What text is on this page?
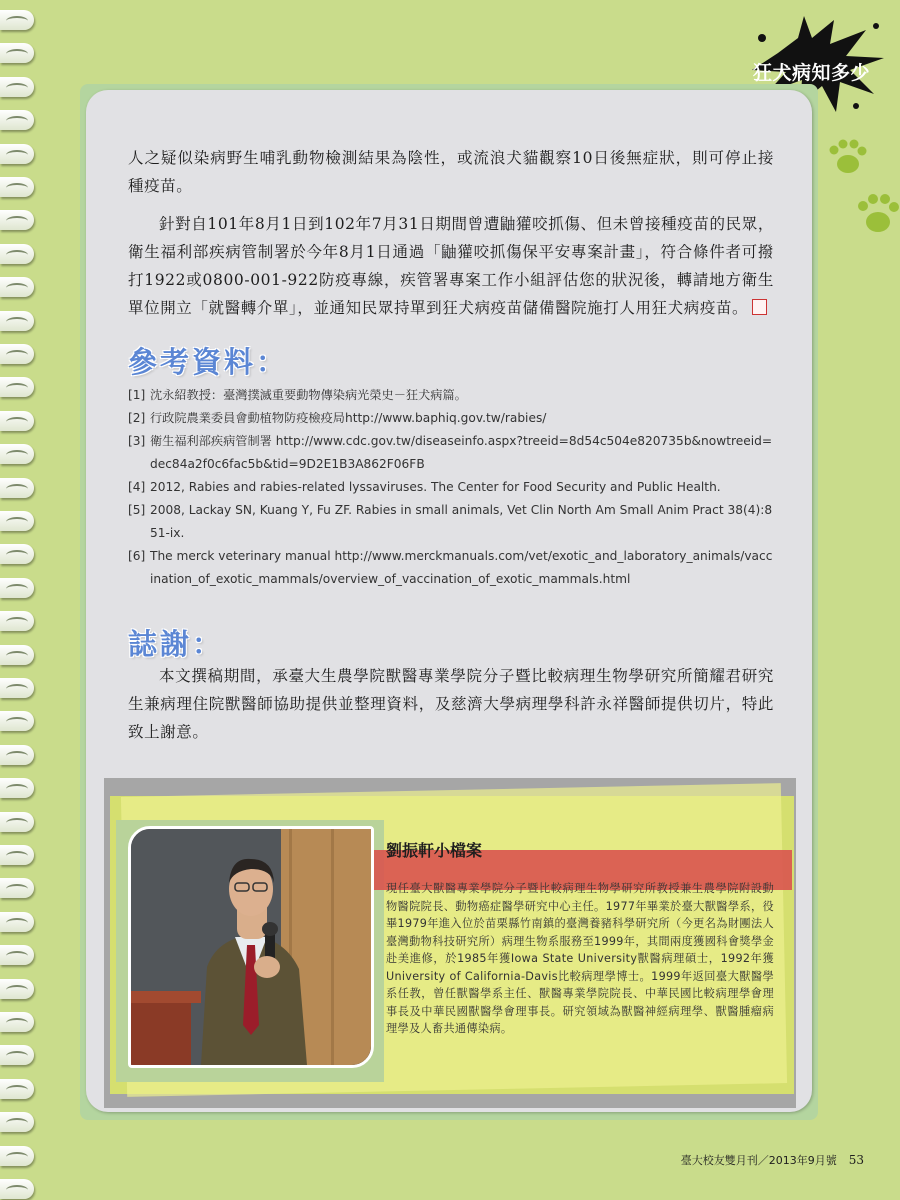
狂犬病知多少

人之疑似染病野生哺乳動物檢測結果為陰性，或流浪犬貓觀察10日後無症狀，則可停止接種疫苗。

針對自101年8月1日到102年7月31日期間曾遭鼬獾咬抓傷、但未曾接種疫苗的民眾，衛生福利部疾病管制署於今年8月1日通過「鼬獾咬抓傷保平安專案計畫」，符合條件者可撥打1922或0800-001-922防疫專線，疾管署專案工作小組評估您的狀況後，轉請地方衛生單位開立「就醫轉介單」，並通知民眾持單到狂犬病疫苗儲備醫院施打人用狂犬病疫苗。

參考資料：
[1] 沈永紹教授：臺灣撲滅重要動物傳染病光榮史－狂犬病篇。
[2] 行政院農業委員會動植物防疫檢疫局http://www.baphiq.gov.tw/rabies/
[3] 衛生福利部疾病管制署 http://www.cdc.gov.tw/diseaseinfo.aspx?treeid=8d54c504e820735b&nowtreeid=dec84a2f0c6fac5b&tid=9D2E1B3A862F06FB
[4] 2012, Rabies and rabies-related lyssaviruses. The Center for Food Security and Public Health.
[5] 2008, Lackay SN, Kuang Y, Fu ZF. Rabies in small animals, Vet Clin North Am Small Anim Pract 38(4):851-ix.
[6] The merck veterinary manual http://www.merckmanuals.com/vet/exotic_and_laboratory_animals/vaccination_of_exotic_mammals/overview_of_vaccination_of_exotic_mammals.html
誌謝：
本文撰稿期間，承臺大生農學院獸醫專業學院分子暨比較病理生物學研究所簡耀君研究生兼病理住院獸醫師協助提供並整理資料，及慈濟大學病理學科許永祥醫師提供切片，特此致上謝意。
劉振軒小檔案
現任臺大獸醫專業學院分子暨比較病理生物學研究所教授兼生農學院附設動物醫院院長、動物癌症醫學研究中心主任。1977年畢業於臺大獸醫學系，役畢1979年進入位於苗栗縣竹南鎮的臺灣養豬科學研究所（今更名為財團法人臺灣動物科技研究所）病理生物系服務至1999年，其間兩度獲國科會獎學金赴美進修，於1985年獲Iowa State University獸醫病理碩士，1992年獲University of California-Davis比較病理學博士。1999年返回臺大獸醫學系任教，曾任獸醫學系主任、獸醫專業學院院長、中華民國比較病理學會理事長及中華民國獸醫學會理事長。研究領域為獸醫神經病理學、獸醫腫瘤病理學及人畜共通傳染病。
臺大校友雙月刊／2013年9月號 53
